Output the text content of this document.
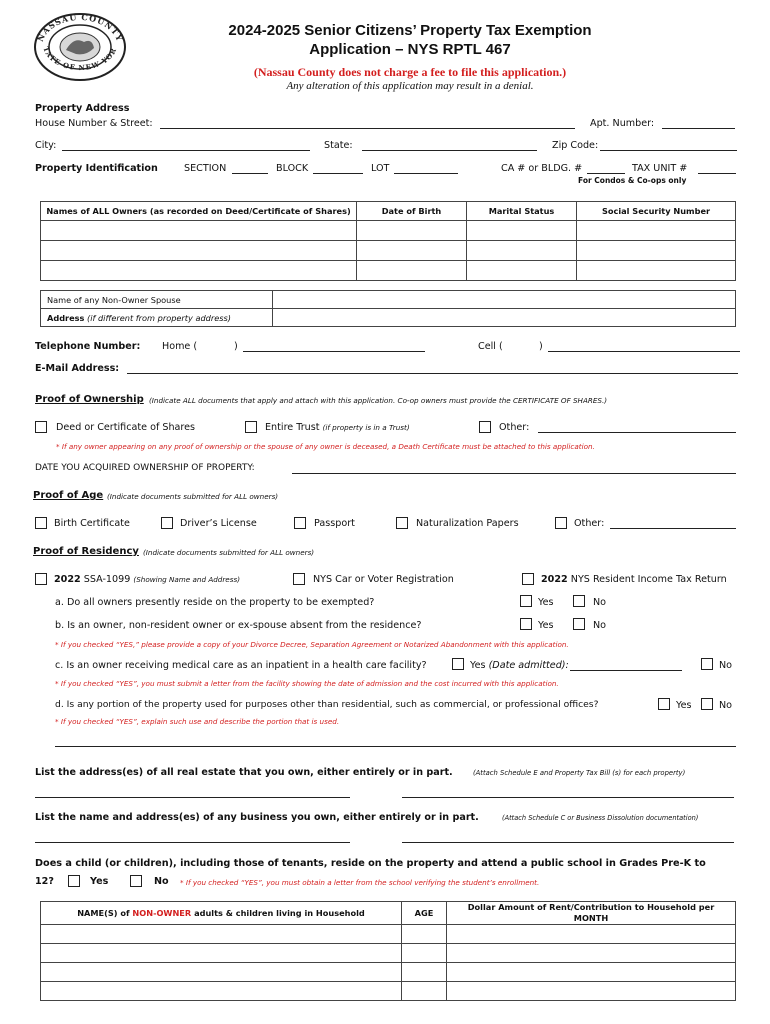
NASSAU COUNTY
TATE OF NEW YOR
2024-2025 Senior Citizens’ Property Tax Exemption
Application – NYS RPTL 467
(Nassau County does not charge a fee to file this application.)
Any alteration of this application may result in a denial.
Property Address
House Number & Street:	Apt. Number:
City:	State:	Zip Code:
Property Identification	SECTION	BLOCK	LOT	CA # or BLDG. #	TAX UNIT #
For Condos & Co-ops only
Names of ALL Owners (as recorded on Deed/Certificate of Shares)	Date of Birth	Marital Status	Social Security Number

Name of any Non-Owner Spouse	
Address (if different from property address)	
Telephone Number: Home (	)	Cell (	)
E-Mail Address:
Proof of Ownership (Indicate ALL documents that apply and attach with this application. Co-op owners must provide the CERTIFICATE OF SHARES.)
Deed or Certificate of Shares	Entire Trust (if property is in a Trust)	Other:
* If any owner appearing on any proof of ownership or the spouse of any owner is deceased, a Death Certificate must be attached to this application.
DATE YOU ACQUIRED OWNERSHIP OF PROPERTY:
Proof of Age (Indicate documents submitted for ALL owners)
Birth Certificate	Driver’s License	Passport	Naturalization Papers	Other:
Proof of Residency (Indicate documents submitted for ALL owners)
2022 SSA-1099 (Showing Name and Address)	NYS Car or Voter Registration	2022 NYS Resident Income Tax Return
a. Do all owners presently reside on the property to be exempted?	Yes	No
b. Is an owner, non-resident owner or ex-spouse absent from the residence?	Yes	No
* If you checked “YES,” please provide a copy of your Divorce Decree, Separation Agreement or Notarized Abandonment with this application.
c. Is an owner receiving medical care as an inpatient in a health care facility?	Yes (Date admitted):	No
* If you checked “YES”, you must submit a letter from the facility showing the date of admission and the cost incurred with this application.
d. Is any portion of the property used for purposes other than residential, such as commercial, or professional offices?	Yes	No
* If you checked “YES”, explain such use and describe the portion that is used.
List the address(es) of all real estate that you own, either entirely or in part.	(Attach Schedule E and Property Tax Bill (s) for each property)
List the name and address(es) of any business you own, either entirely or in part.	(Attach Schedule C or Business Dissolution documentation)
Does a child (or children), including those of tenants, reside on the property and attend a public school in Grades Pre-K to
12?	Yes	No * If you checked “YES”, you must obtain a letter from the school verifying the student’s enrollment.
NAME(S) of NON-OWNER adults & children living in Household	AGE	Dollar Amount of Rent/Contribution to Household per MONTH
